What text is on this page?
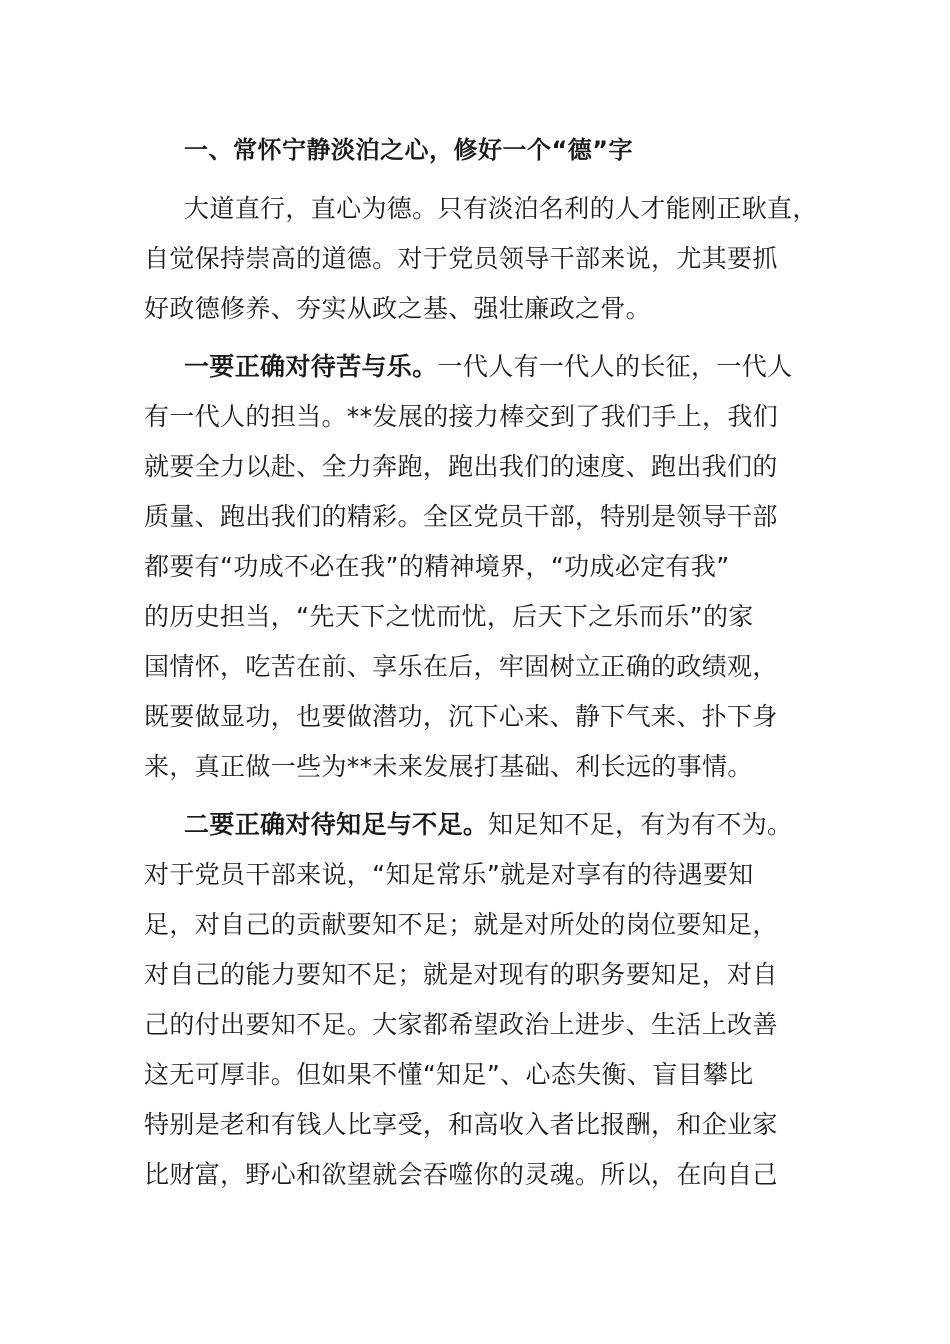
一、常怀宁静淡泊之心，修好一个“德”字
大道直行，直心为德。只有淡泊名利的人才能刚正耿直，
自觉保持崇高的道德。对于党员领导干部来说，尤其要抓
好政德修养、夯实从政之基、强壮廉政之骨。
一要正确对待苦与乐。一代人有一代人的长征，一代人
有一代人的担当。**发展的接力棒交到了我们手上，我们
就要全力以赴、全力奔跑，跑出我们的速度、跑出我们的
质量、跑出我们的精彩。全区党员干部，特别是领导干部
都要有“功成不必在我”的精神境界，“功成必定有我”
的历史担当，“先天下之忧而忧，后天下之乐而乐”的家
国情怀，吃苦在前、享乐在后，牢固树立正确的政绩观，
既要做显功，也要做潜功，沉下心来、静下气来、扑下身
来，真正做一些为**未来发展打基础、利长远的事情。
二要正确对待知足与不足。知足知不足，有为有不为。
对于党员干部来说，“知足常乐”就是对享有的待遇要知
足，对自己的贡献要知不足；就是对所处的岗位要知足，
对自己的能力要知不足；就是对现有的职务要知足，对自
己的付出要知不足。大家都希望政治上进步、生活上改善
这无可厚非。但如果不懂“知足”、心态失衡、盲目攀比
特别是老和有钱人比享受，和高收入者比报酬，和企业家
比财富，野心和欲望就会吞噬你的灵魂。所以，在向自己
